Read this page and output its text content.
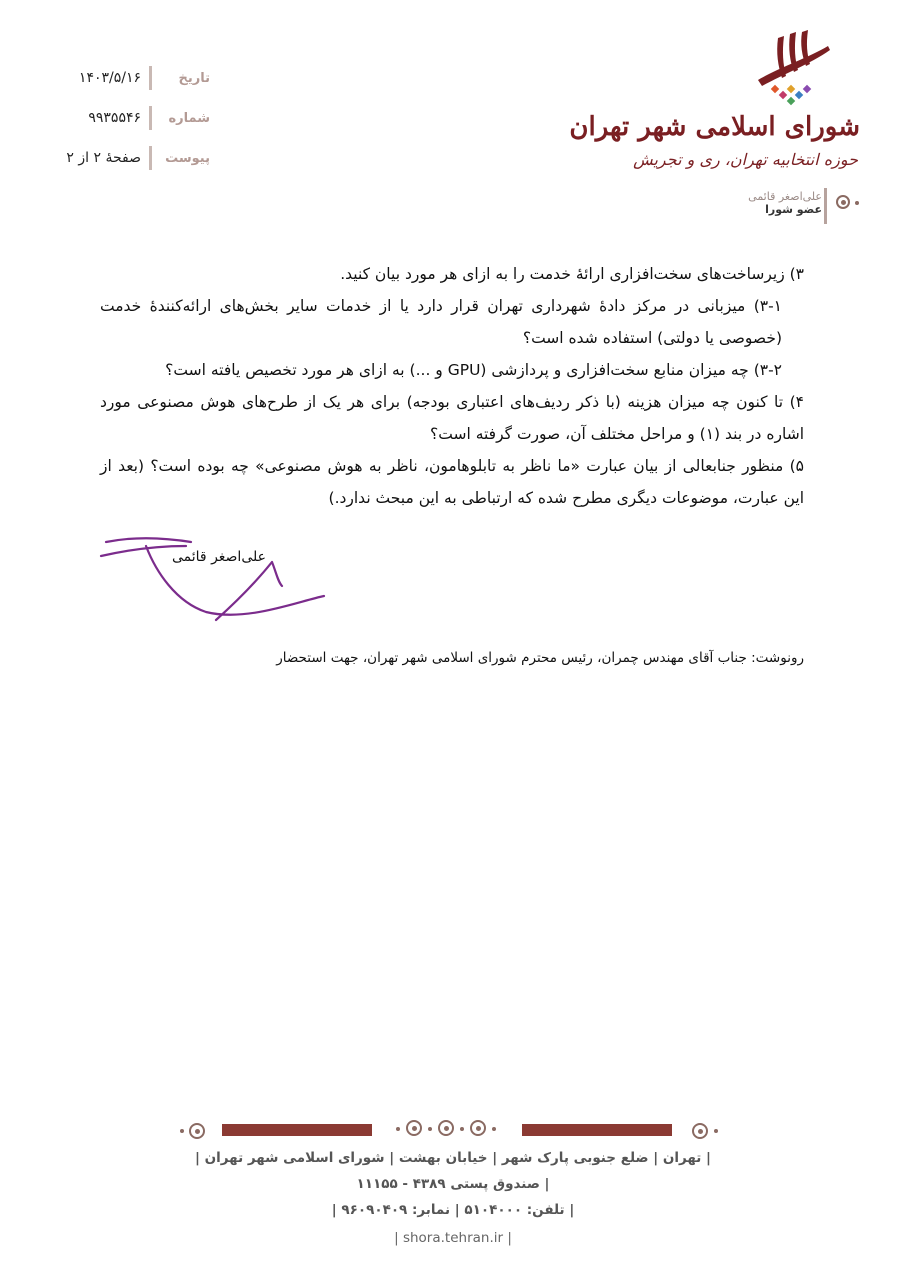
تاریخ
۱۴۰۳/۵/۱۶
شماره
۹۹۳۵۵۴۶
پیوست
صفحهٔ ۲ از ۲
شورای اسلامی شهر تهران
حوزه انتخابیه تهران، ری و تجریش
علی‌اصغر قائمی
عضو شورا

۳) زیرساخت‌های سخت‌افزاری ارائهٔ خدمت را به ازای هر مورد بیان کنید.

۳-۱) میزبانی در مرکز دادهٔ شهرداری تهران قرار دارد یا از خدمات سایر بخش‌های ارائه‌کنندهٔ خدمت (خصوصی یا دولتی) استفاده شده است؟

۳-۲) چه میزان منابع سخت‌افزاری و پردازشی (GPU و ...) به ازای هر مورد تخصیص یافته است؟

۴) تا کنون چه میزان هزینه (با ذکر ردیف‌های اعتباری بودجه) برای هر یک از طرح‌های هوش مصنوعی مورد اشاره در بند (۱) و مراحل مختلف آن، صورت گرفته است؟

۵) منظور جنابعالی از بیان عبارت «ما ناظر به تابلوهامون، ناظر به هوش مصنوعی» چه بوده است؟ (بعد از این عبارت، موضوعات دیگری مطرح شده که ارتباطی به این مبحث ندارد.)

علی‌اصغر قائمی
رونوشت: جناب آقای مهندس چمران، رئیس محترم شورای اسلامی شهر تهران، جهت استحضار
| تهران | ضلع جنوبی پارک شهر | خیابان بهشت | شورای اسلامی شهر تهران |
| صندوق پستی ۴۳۸۹ - ۱۱۱۵۵
| تلفن: ۵۱۰۴۰۰۰ | نمابر: ۹۶۰۹۰۴۰۹ |
| shora.tehran.ir |
